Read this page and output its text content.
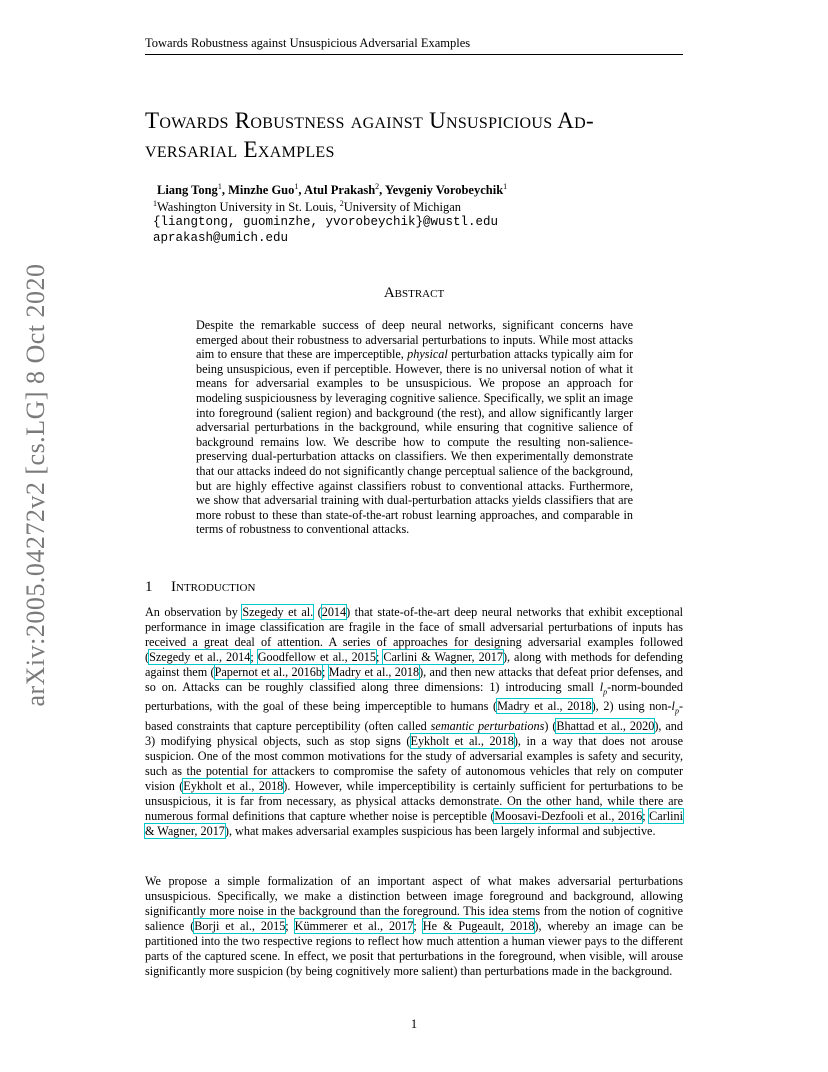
Towards Robustness against Unsuspicious Adversarial Examples
arXiv:2005.04272v2 [cs.LG] 8 Oct 2020
Towards Robustness against Unsuspicious Ad-
versarial Examples
Liang Tong$^1$, Minzhe Guo$^1$, Atul Prakash$^2$, Yevgeniy Vorobeychik$^1$
$^1$Washington University in St. Louis, $^2$University of Michigan
{liangtong, guominzhe, yvorobeychik}@wustl.edu
aprakash@umich.edu
Abstract
Despite the remarkable success of deep neural networks, significant concerns have emerged about their robustness to adversarial perturbations to inputs. While most attacks aim to ensure that these are imperceptible, physical perturbation attacks typically aim for being unsuspicious, even if perceptible. However, there is no universal notion of what it means for adversarial examples to be unsuspicious. We propose an approach for modeling suspiciousness by leveraging cognitive salience. Specifically, we split an image into foreground (salient region) and background (the rest), and allow significantly larger adversarial perturbations in the background, while ensuring that cognitive salience of background remains low. We describe how to compute the resulting non-salience-preserving dual-perturbation attacks on classifiers. We then experimentally demonstrate that our attacks indeed do not significantly change perceptual salience of the background, but are highly effective against classifiers robust to conventional attacks. Furthermore, we show that adversarial training with dual-perturbation attacks yields classifiers that are more robust to these than state-of-the-art robust learning approaches, and comparable in terms of robustness to conventional attacks.
1 Introduction
An observation by Szegedy et al. (2014) that state-of-the-art deep neural networks that exhibit exceptional performance in image classification are fragile in the face of small adversarial perturbations of inputs has received a great deal of attention. A series of approaches for designing adversarial examples followed (Szegedy et al., 2014; Goodfellow et al., 2015; Carlini & Wagner, 2017), along with methods for defending against them (Papernot et al., 2016b; Madry et al., 2018), and then new attacks that defeat prior defenses, and so on. Attacks can be roughly classified along three dimensions: 1) introducing small $l_p-norm$-bounded perturbations, with the goal of these being imperceptible to humans (Madry et al., 2018), 2) using non-$l_p$-based constraints that capture perceptibility (often called semantic perturbations) (Bhattad et al., 2020), and 3) modifying physical objects, such as stop signs (Eykholt et al., 2018), in a way that does not arouse suspicion. One of the most common motivations for the study of adversarial examples is safety and security, such as the potential for attackers to compromise the safety of autonomous vehicles that rely on computer vision (Eykholt et al., 2018). However, while imperceptibility is certainly sufficient for perturbations to be unsuspicious, it is far from necessary, as physical attacks demonstrate. On the other hand, while there are numerous formal definitions that capture whether noise is perceptible (Moosavi-Dezfooli et al., 2016; Carlini & Wagner, 2017), what makes adversarial examples suspicious has been largely informal and subjective.
We propose a simple formalization of an important aspect of what makes adversarial perturbations unsuspicious. Specifically, we make a distinction between image foreground and background, allowing significantly more noise in the background than the foreground. This idea stems from the notion of cognitive salience (Borji et al., 2015; Kümmerer et al., 2017; He & Pugeault, 2018), whereby an image can be partitioned into the two respective regions to reflect how much attention a human viewer pays to the different parts of the captured scene. In effect, we posit that perturbations in the foreground, when visible, will arouse significantly more suspicion (by being cognitively more salient) than perturbations made in the background.
1
